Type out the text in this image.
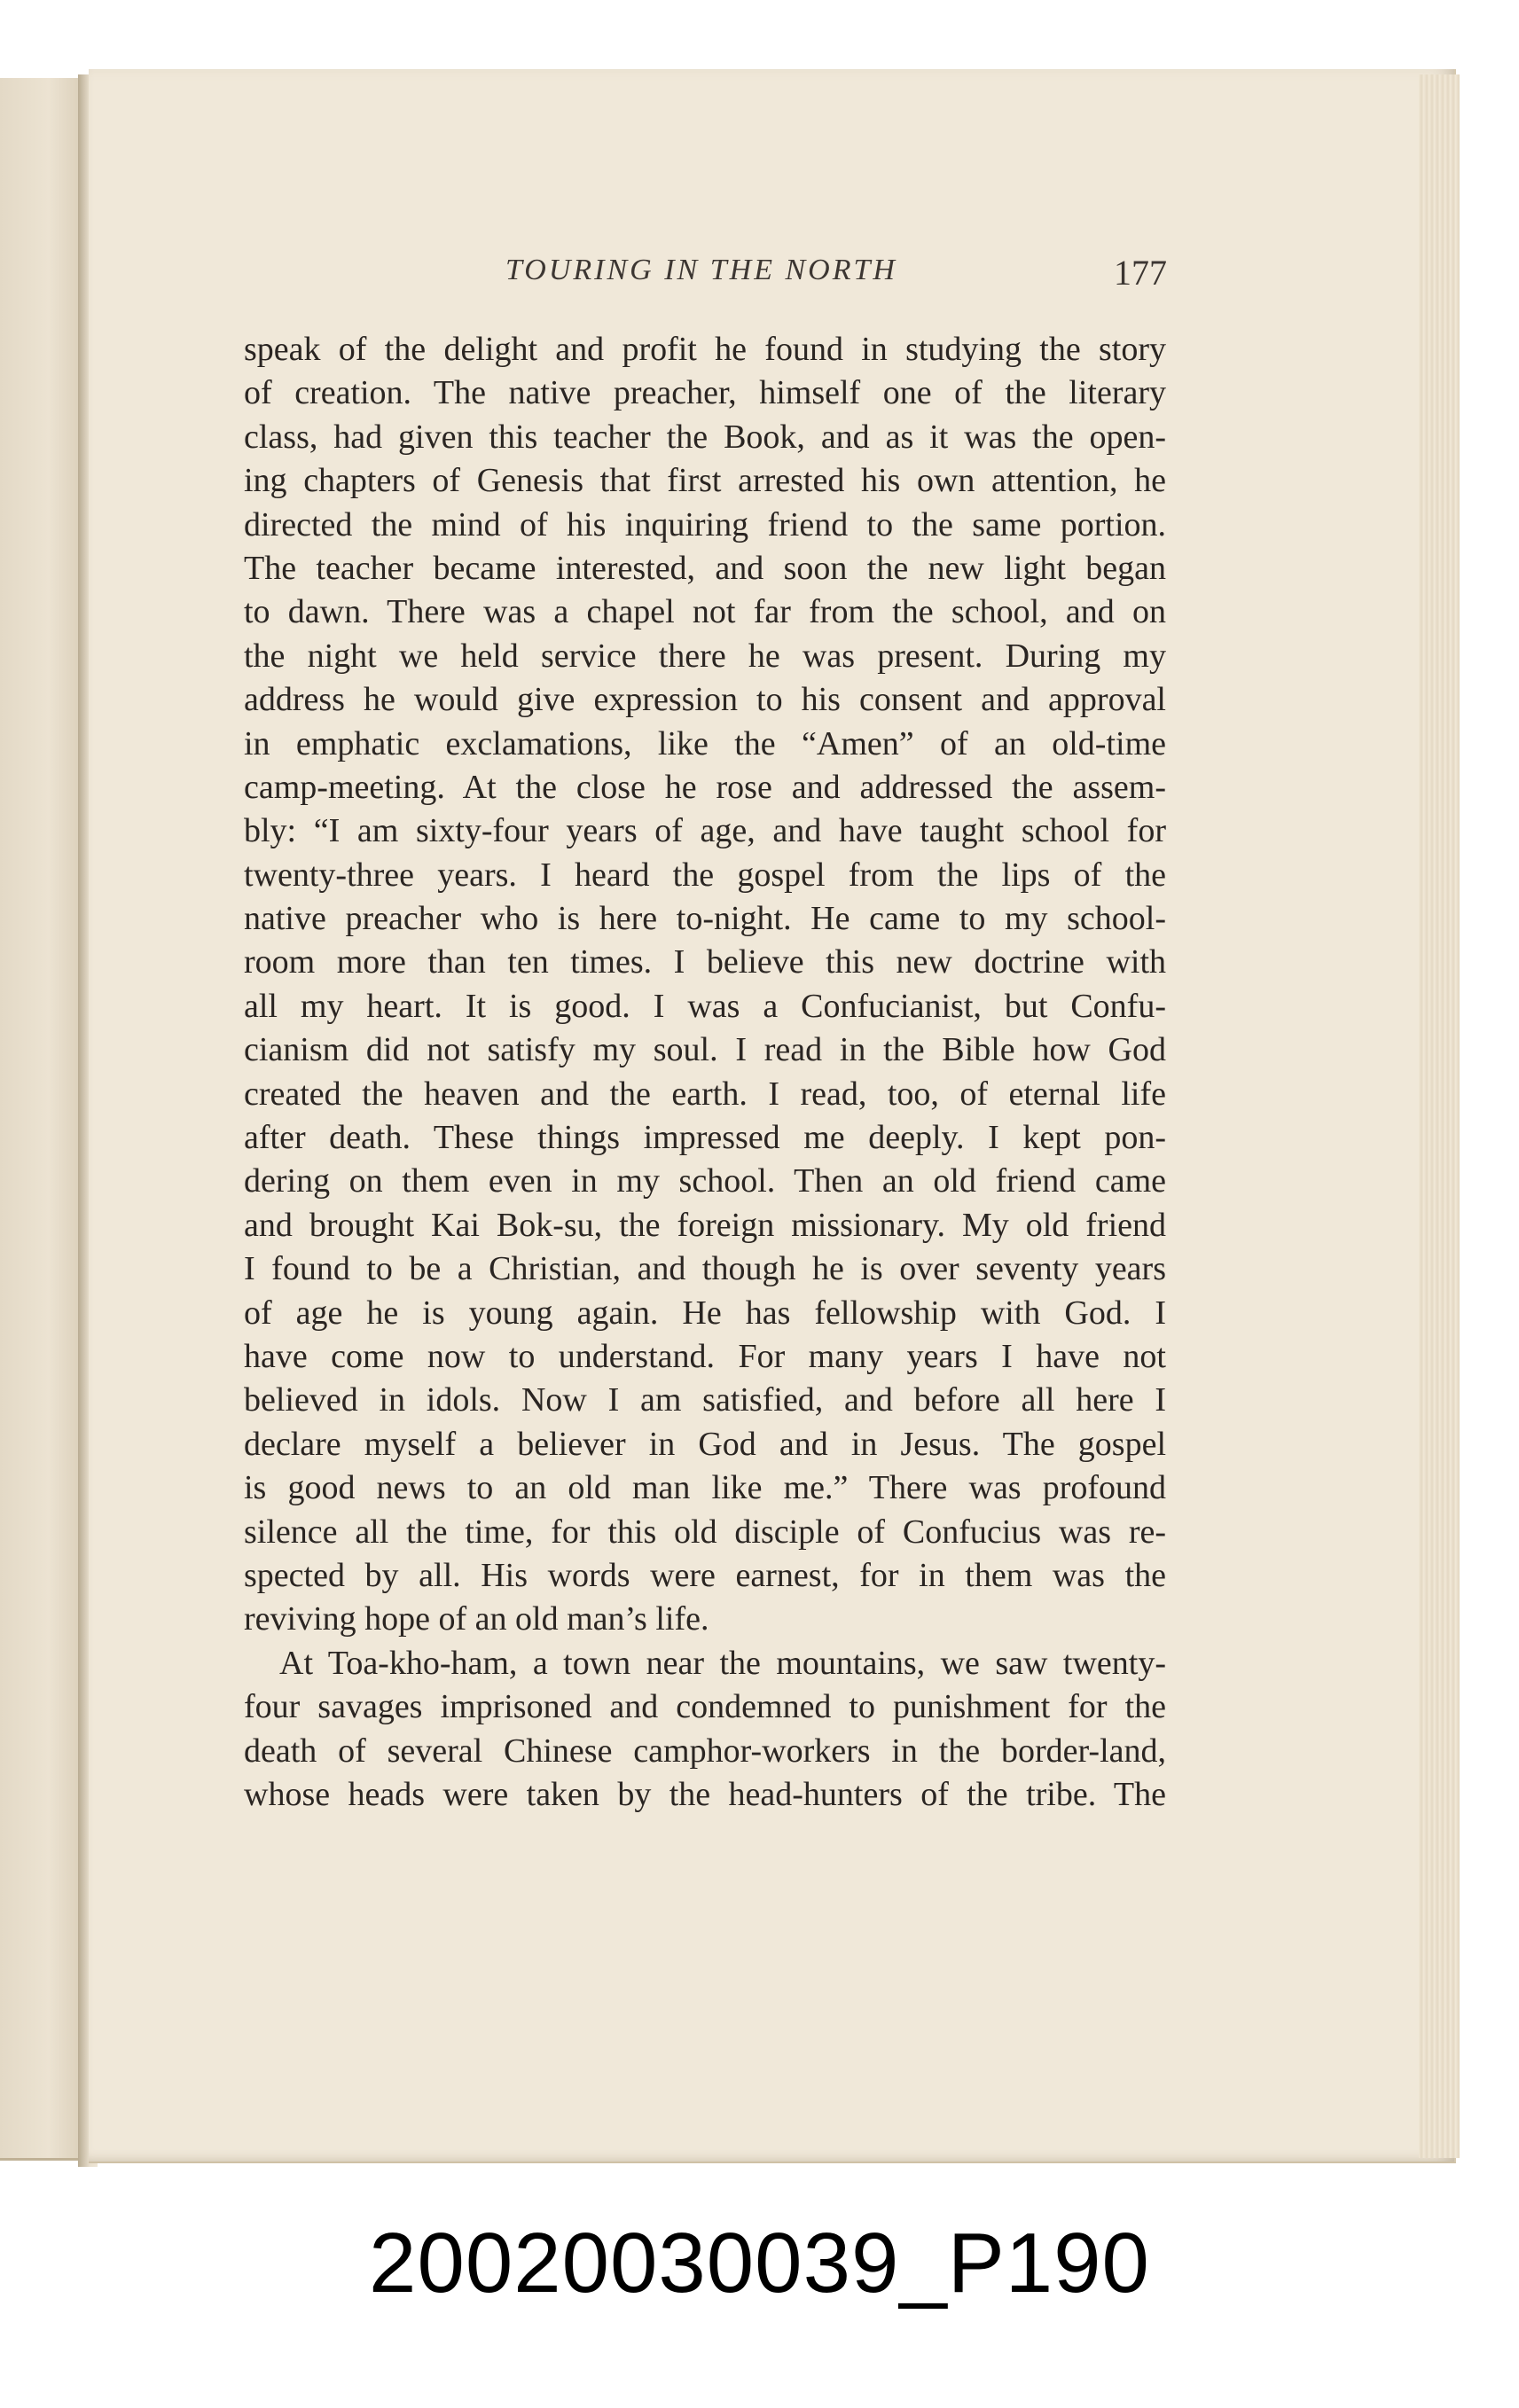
TOURING IN THE NORTH	177
speak of the delight and profit he found in studying the story
of creation. The native preacher, himself one of the literary
class, had given this teacher the Book, and as it was the open-
ing chapters of Genesis that first arrested his own attention, he
directed the mind of his inquiring friend to the same portion.
The teacher became interested, and soon the new light began
to dawn. There was a chapel not far from the school, and on
the night we held service there he was present. During my
address he would give expression to his consent and approval
in emphatic exclamations, like the “Amen” of an old-time
camp-meeting. At the close he rose and addressed the assem-
bly: “I am sixty-four years of age, and have taught school for
twenty-three years. I heard the gospel from the lips of the
native preacher who is here to-night. He came to my school-
room more than ten times. I believe this new doctrine with
all my heart. It is good. I was a Confucianist, but Confu-
cianism did not satisfy my soul. I read in the Bible how God
created the heaven and the earth. I read, too, of eternal life
after death. These things impressed me deeply. I kept pon-
dering on them even in my school. Then an old friend came
and brought Kai Bok-su, the foreign missionary. My old friend
I found to be a Christian, and though he is over seventy years
of age he is young again. He has fellowship with God. I
have come now to understand. For many years I have not
believed in idols. Now I am satisfied, and before all here I
declare myself a believer in God and in Jesus. The gospel
is good news to an old man like me.” There was profound
silence all the time, for this old disciple of Confucius was re-
spected by all. His words were earnest, for in them was the
reviving hope of an old man’s life.
At Toa-kho-ham, a town near the mountains, we saw twenty-
four savages imprisoned and condemned to punishment for the
death of several Chinese camphor-workers in the border-land,
whose heads were taken by the head-hunters of the tribe. The
20020030039_P190
